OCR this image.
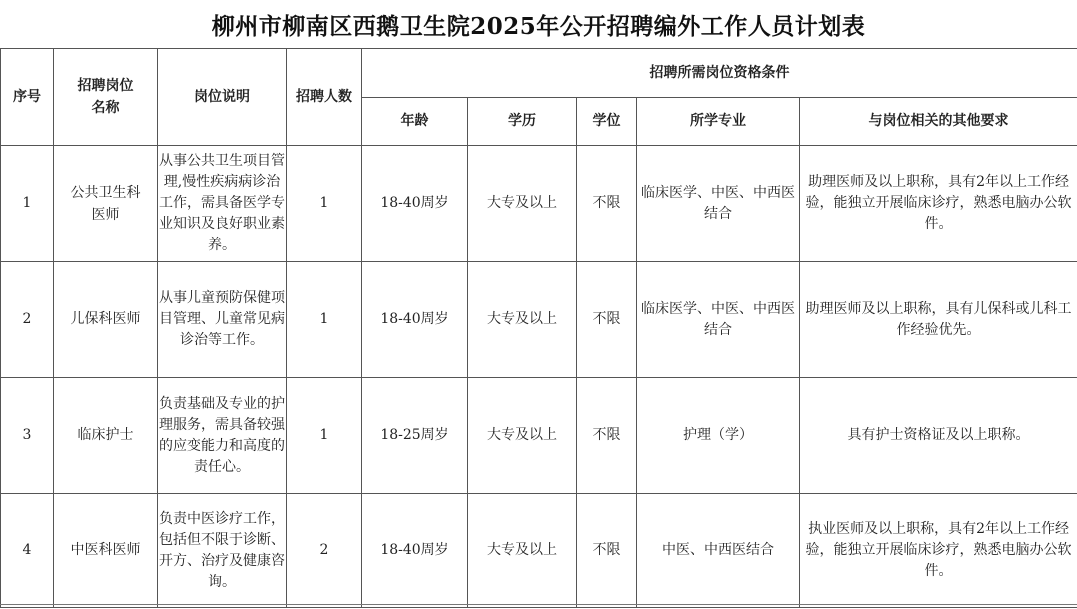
柳州市柳南区西鹅卫生院2025年公开招聘编外工作人员计划表
序号	招聘岗位名称	岗位说明	招聘人数	招聘所需岗位资格条件				
				年龄	学历	学位	所学专业	与岗位相关的其他要求
1	公共卫生科医师	从事公共卫生项目管理,慢性疾病病诊治工作，需具备医学专业知识及良好职业素养。	1	18-40周岁	大专及以上	不限	临床医学、中医、中西医结合	助理医师及以上职称，具有2年以上工作经验，能独立开展临床诊疗，熟悉电脑办公软件。
2	儿保科医师	从事儿童预防保健项目管理、儿童常见病诊治等工作。	1	18-40周岁	大专及以上	不限	临床医学、中医、中西医结合	助理医师及以上职称，具有儿保科或儿科工作经验优先。
3	临床护士	负责基础及专业的护理服务，需具备较强的应变能力和高度的责任心。	1	18-25周岁	大专及以上	不限	护理（学）	具有护士资格证及以上职称。
4	中医科医师	负责中医诊疗工作，包括但不限于诊断、开方、治疗及健康咨询。	2	18-40周岁	大专及以上	不限	中医、中西医结合	执业医师及以上职称，具有2年以上工作经验，能独立开展临床诊疗，熟悉电脑办公软件。
